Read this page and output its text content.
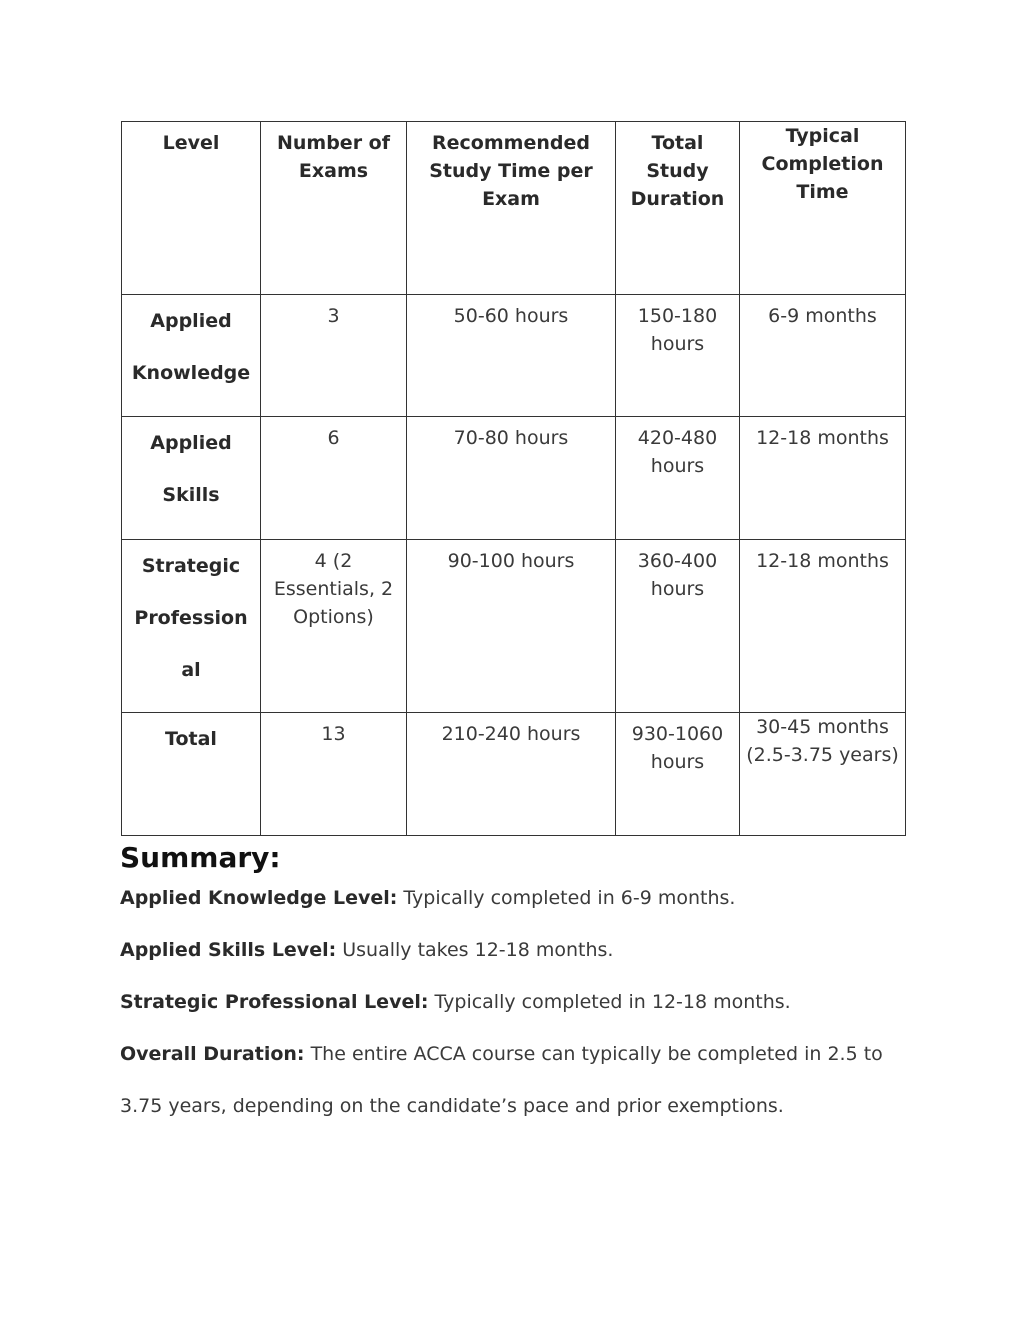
Level	Number of Exams	Recommended Study Time per Exam	Total Study Duration	Typical Completion Time
Applied Knowledge	3	50-60 hours	150-180 hours	6-9 months
Applied Skills	6	70-80 hours	420-480 hours	12-18 months
Strategic Professional	4 (2 Essentials, 2 Options)	90-100 hours	360-400 hours	12-18 months
Total	13	210-240 hours	930-1060 hours	30-45 months (2.5-3.75 years)
Summary:

Applied Knowledge Level: Typically completed in 6-9 months.

Applied Skills Level: Usually takes 12-18 months.

Strategic Professional Level: Typically completed in 12-18 months.

Overall Duration: The entire ACCA course can typically be completed in 2.5 to 3.75 years, depending on the candidate’s pace and prior exemptions.
